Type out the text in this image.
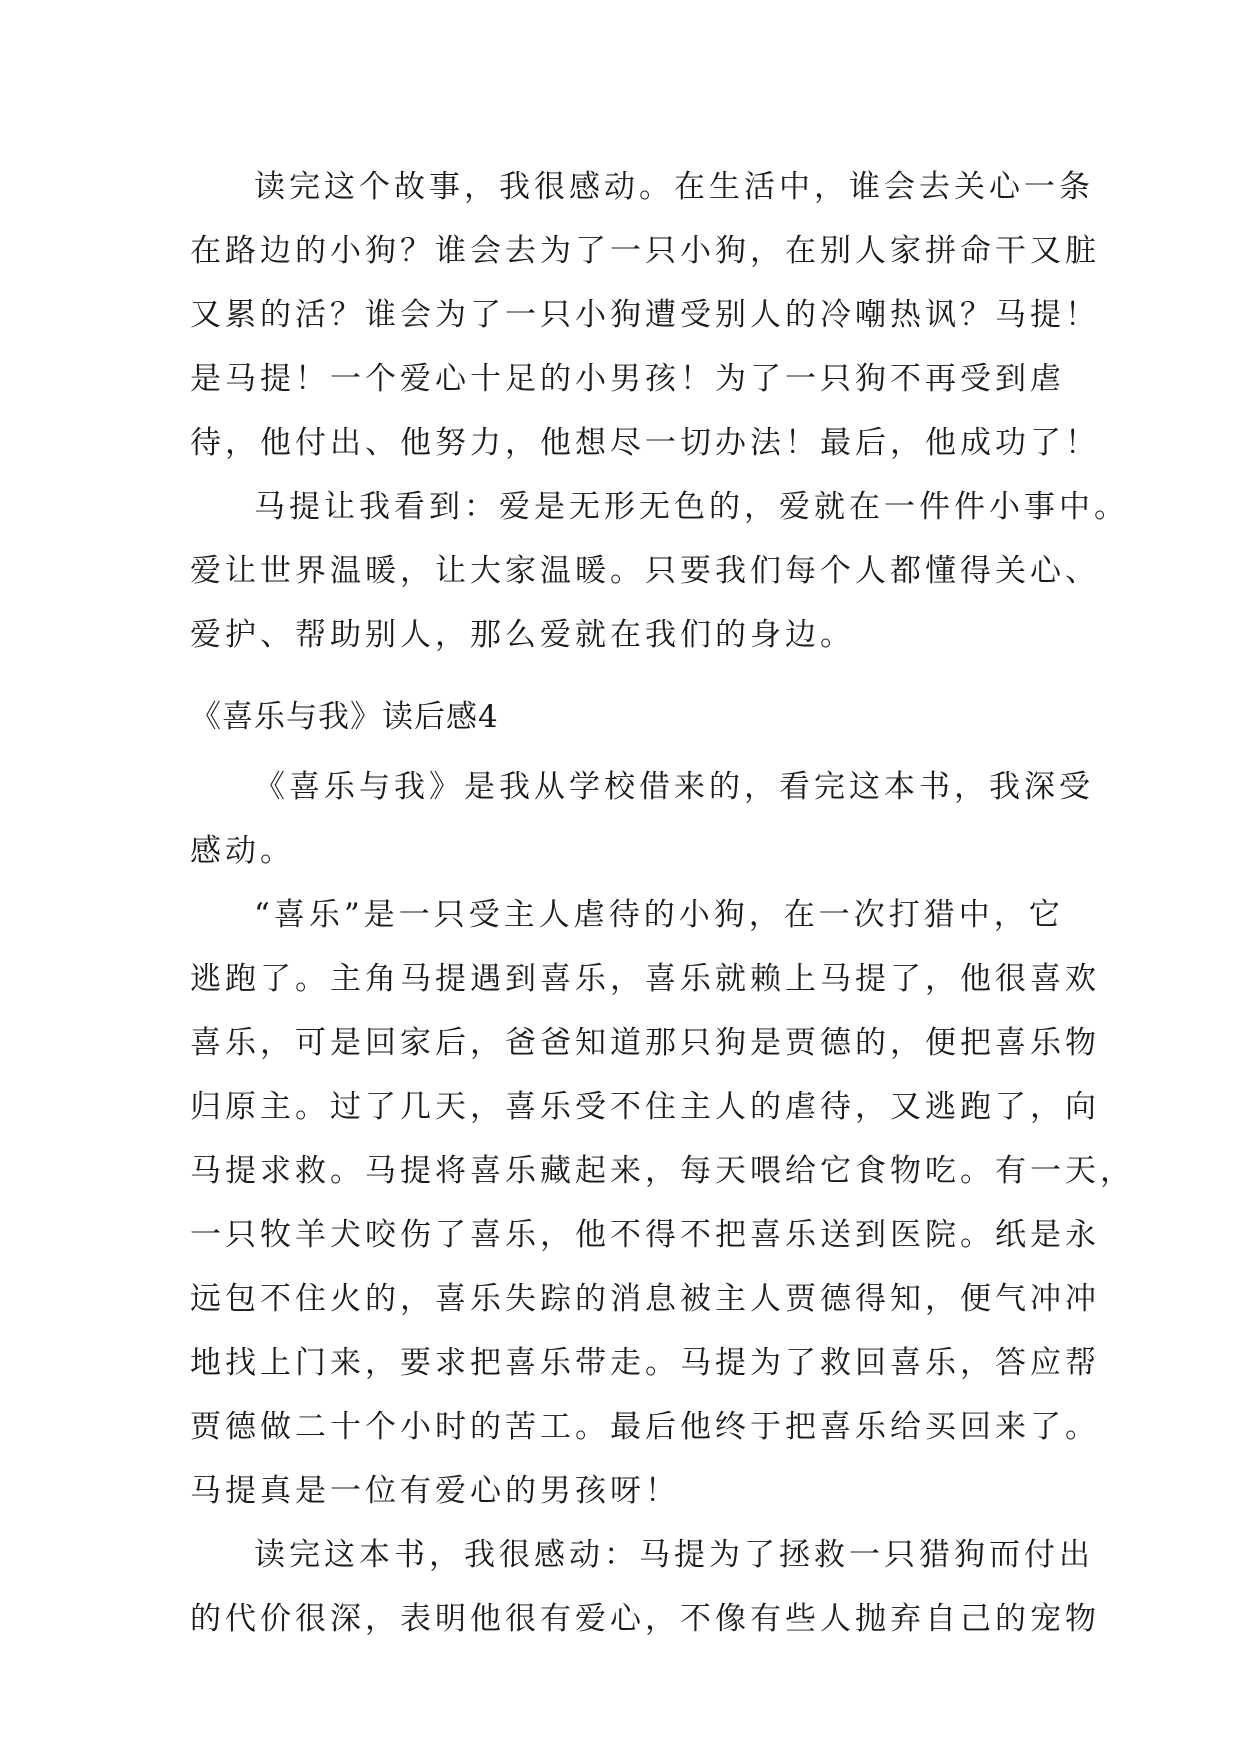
读完这个故事，我很感动。在生活中，谁会去关心一条
在路边的小狗？谁会去为了一只小狗，在别人家拼命干又脏
又累的活？谁会为了一只小狗遭受别人的冷嘲热讽？马提！
是马提！一个爱心十足的小男孩！为了一只狗不再受到虐
待，他付出、他努力，他想尽一切办法！最后，他成功了！
马提让我看到：爱是无形无色的，爱就在一件件小事中。
爱让世界温暖，让大家温暖。只要我们每个人都懂得关心、
爱护、帮助别人，那么爱就在我们的身边。
《喜乐与我》读后感4
《喜乐与我》是我从学校借来的，看完这本书，我深受
感动。
“喜乐”是一只受主人虐待的小狗，在一次打猎中，它
逃跑了。主角马提遇到喜乐，喜乐就赖上马提了，他很喜欢
喜乐，可是回家后，爸爸知道那只狗是贾德的，便把喜乐物
归原主。过了几天，喜乐受不住主人的虐待，又逃跑了，向
马提求救。马提将喜乐藏起来，每天喂给它食物吃。有一天，
一只牧羊犬咬伤了喜乐，他不得不把喜乐送到医院。纸是永
远包不住火的，喜乐失踪的消息被主人贾德得知，便气冲冲
地找上门来，要求把喜乐带走。马提为了救回喜乐，答应帮
贾德做二十个小时的苦工。最后他终于把喜乐给买回来了。
马提真是一位有爱心的男孩呀！
读完这本书，我很感动：马提为了拯救一只猎狗而付出
的代价很深，表明他很有爱心，不像有些人抛弃自己的宠物
